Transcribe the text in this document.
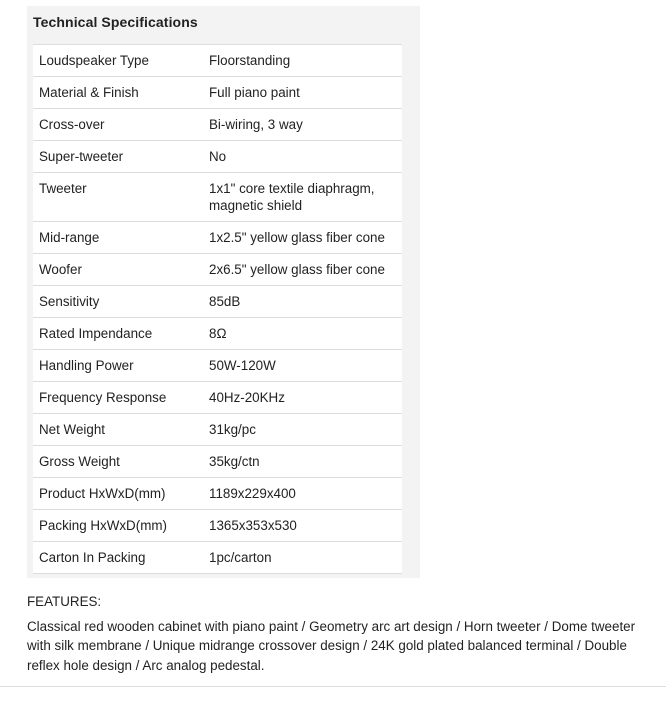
Technical Specifications
Loudspeaker Type	Floorstanding
Material & Finish	Full piano paint
Cross-over	Bi-wiring, 3 way
Super-tweeter	No
Tweeter	1x1" core textile diaphragm, magnetic shield
Mid-range	1x2.5" yellow glass fiber cone
Woofer	2x6.5" yellow glass fiber cone
Sensitivity	85dB
Rated Impendance	8Ω
Handling Power	50W-120W
Frequency Response	40Hz-20KHz
Net Weight	31kg/pc
Gross Weight	35kg/ctn
Product HxWxD(mm)	1189x229x400
Packing HxWxD(mm)	1365x353x530
Carton In Packing	1pc/carton

FEATURES:

Classical red wooden cabinet with piano paint / Geometry arc art design / Horn tweeter / Dome tweeter with silk membrane / Unique midrange crossover design / 24K gold plated balanced terminal / Double reflex hole design / Arc analog pedestal.
